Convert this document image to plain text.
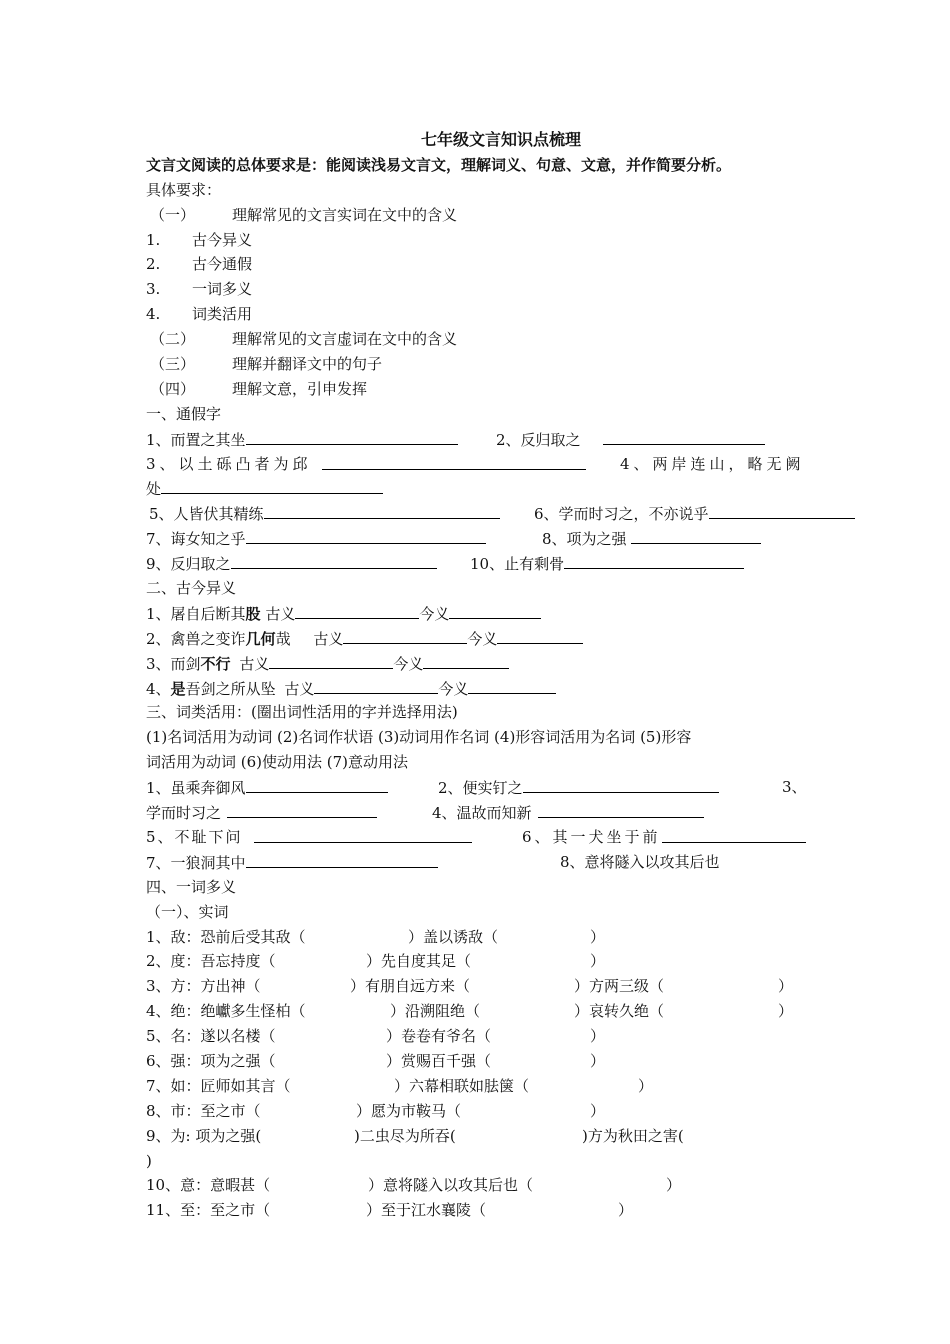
七年级文言知识点梳理
文言文阅读的总体要求是：能阅读浅易文言文，理解词义、句意、文意，并作简要分析。
具体要求：
（一） 理解常见的文言实词在文中的含义
1. 古今异义
2. 古今通假
3. 一词多义
4. 词类活用
（二） 理解常见的文言虚词在文中的含义
（三） 理解并翻译文中的句子
（四） 理解文意，引申发挥
一、通假字
1、而置之其坐	2、反归取之
3、以土砾凸者为邱	4、两岸连山，略无阙
处
5、人皆伏其精练	6、学而时习之，不亦说乎
7、诲女知之乎	8、项为之强
9、反归取之	10、止有剩骨
二、古今异义
1、屠自后断其股 古义	今义
2、禽兽之变诈几何哉 古义	今义
3、而剑不行 古义	今义
4、是吾剑之所从坠 古义	今义
三、词类活用：(圈出词性活用的字并选择用法)
(1)名词活用为动词 (2)名词作状语 (3)动词用作名词 (4)形容词活用为名词 (5)形容
词活用为动词 (6)使动用法 (7)意动用法
1、虽乘奔御风	2、便实钉之	3、
学而时习之	4、温故而知新
5、不耻下问	6、其一犬坐于前
7、一狼洞其中	8、意将隧入以攻其后也
四、一词多义
（一）、实词
1、敌：恐前后受其敌（	）盖以诱敌（	）
2、度：吾忘持度（	）先自度其足（	）
3、方：方出神（	）有朋自远方来（	）方两三级（	）
4、绝：绝巘多生怪柏（	）沿溯阻绝（	）哀转久绝（	）
5、名：遂以名楼（	）卷卷有爷名（	）
6、强：项为之强（	）赏赐百千强（	）
7、如：匠师如其言（	）六幕相联如胠箧（	）
8、市：至之市（	）愿为市鞍马（	）
9、为: 项为之强(	)二虫尽为所吞(	)方为秋田之害(
)
10、意：意暇甚（	）意将隧入以攻其后也（	）
11、至：至之市（	）至于江水襄陵（	）
